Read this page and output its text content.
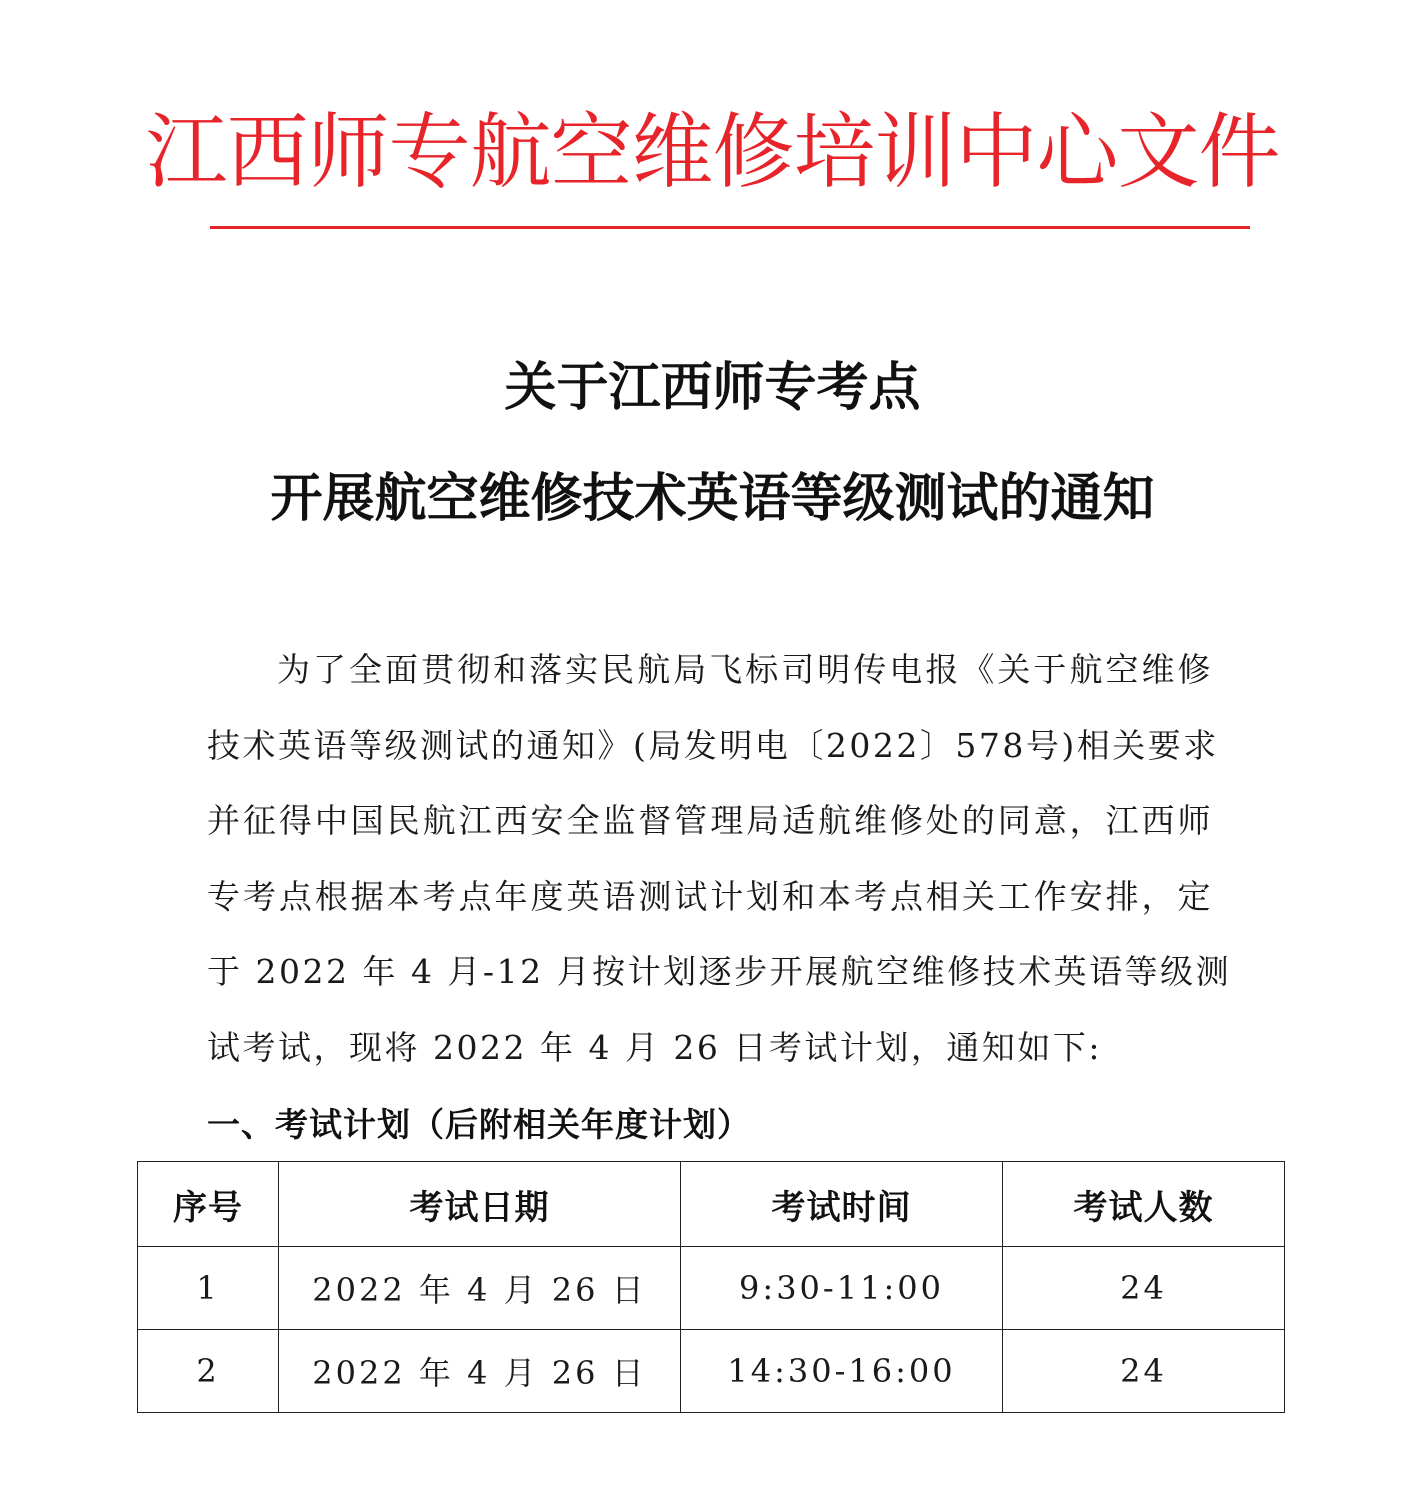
江西师专航空维修培训中心文件
关于江西师专考点
开展航空维修技术英语等级测试的通知
为了全面贯彻和落实民航局飞标司明传电报《关于航空维修
技术英语等级测试的通知》(局发明电〔2022〕578号)相关要求
并征得中国民航江西安全监督管理局适航维修处的同意，江西师
专考点根据本考点年度英语测试计划和本考点相关工作安排，定
于 2022 年 4 月-12 月按计划逐步开展航空维修技术英语等级测
试考试，现将 2022 年 4 月 26 日考试计划，通知如下:
一、考试计划（后附相关年度计划）
序号	考试日期	考试时间	考试人数
1	2022 年 4 月 26 日	9:30-11:00	24
2	2022 年 4 月 26 日	14:30-16:00	24
